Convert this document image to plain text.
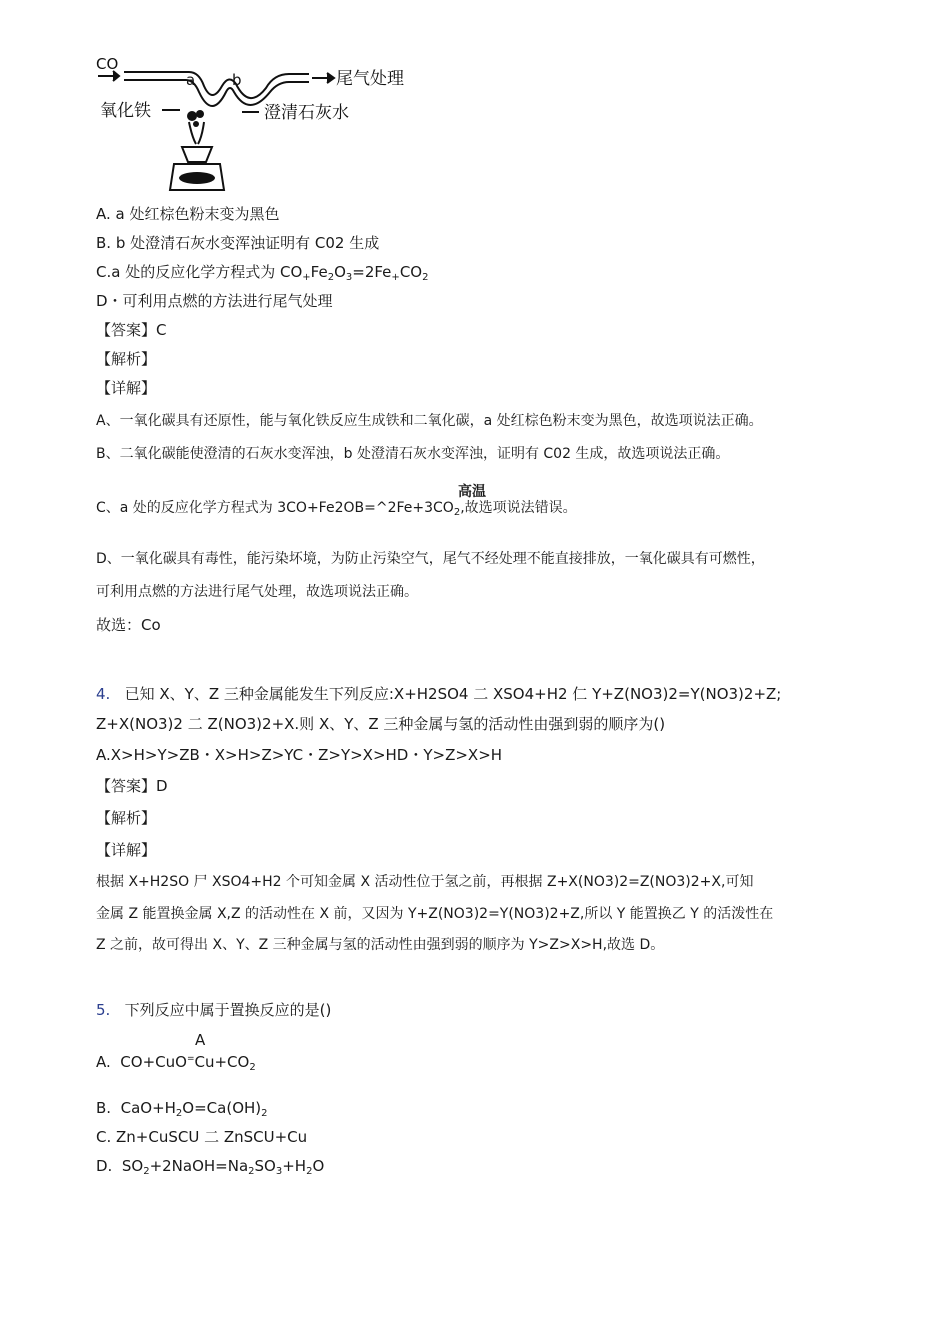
CO
a b	尾气处理
氧化铁	澄清石灰水
A. a 处红棕色粉末变为黑色
B. b 处澄清石灰水变浑浊证明有 C02 生成
C.a 处的反应化学方程式为 $CO_+Fe_2O_3=2Fe_+CO_2$
D・可利用点燃的方法进行尾气处理
【答案】C
【解析】
【详解】
A、一氧化碳具有还原性，能与氧化铁反应生成铁和二氧化碳，a 处红棕色粉末变为黑色，故选项说法正确。
B、二氧化碳能使澄清的石灰水变浑浊，b 处澄清石灰水变浑浊，证明有 C02 生成，故选项说法正确。
高温
C、a 处的反应化学方程式为 $3CO+Fe2OB=\^{}2Fe+3CO_2$,故选项说法错误。
D、一氧化碳具有毒性，能污染坏境，为防止污染空气，尾气不经处理不能直接排放，一氧化碳具有可燃性，
可利用点燃的方法进行尾气处理，故选项说法正确。
故选：Co
4. 已知 X、Y、Z 三种金属能发生下列反应:X+H2SO4 二 XSO4+H2 仁 Y+Z(NO3)2=Y(NO3)2+Z;
Z+X(NO3)2 二 Z(NO3)2+X.则 X、Y、Z 三种金属与氢的活动性由强到弱的顺序为()
A.X>H>Y>ZB・X>H>Z>YC・Z>Y>X>HD・Y>Z>X>H
【答案】D
【解析】
【详解】
根据 X+H2SO 尸 XSO4+H2 个可知金属 X 活动性位于氢之前，再根据 Z+X(NO3)2=Z(NO3)2+X,可知
金属 Z 能置换金属 X,Z 的活动性在 X 前，又因为 Y+Z(NO3)2=Y(NO3)2+Z,所以 Y 能置换乙 Y 的活泼性在
Z 之前，故可得出 X、Y、Z 三种金属与氢的活动性由强到弱的顺序为 Y>Z>X>H,故选 D。
5. 下列反应中属于置换反应的是()
A
A.  $CO+CuO^=Cu+CO_2$
B.  $CaO+H_2O=Ca(OH)_2$
C. Zn+CuSCU 二 ZnSCU+Cu
D.  $SO_2+2NaOH=Na_2SO_3+H_2O$
